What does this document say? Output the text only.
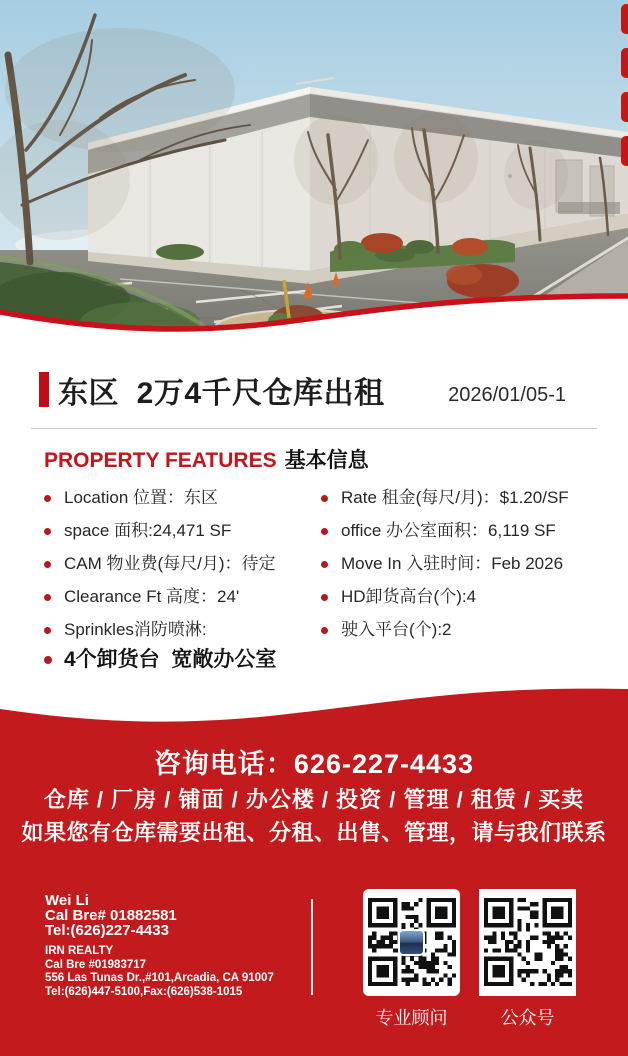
东区  2万4千尺仓库出租	2026/01/05-1
PROPERTY FEATURES 基本信息
Location 位置：东区
space 面积:24,471 SF
CAM 物业费(每尺/月)：待定
Clearance Ft 高度：24'
Sprinkles消防喷淋:
Rate 租金(每尺/月)：$1.20/SF
office 办公室面积：6,119 SF
Move In 入驻时间：Feb 2026
HD卸货高台(个):4
驶入平台(个):2
4个卸货台  宽敞办公室
咨询电话：626-227-4433
仓库 / 厂房 / 铺面 / 办公楼 / 投资 / 管理 / 租赁 / 买卖
如果您有仓库需要出租、分租、出售、管理，请与我们联系
Wei Li
Cal Bre# 01882581
Tel:(626)227-4433
IRN REALTY
Cal Bre #01983717
556 Las Tunas Dr.,#101,Arcadia, CA 91007
Tel:(626)447-5100,Fax:(626)538-1015
专业顾问	公众号
